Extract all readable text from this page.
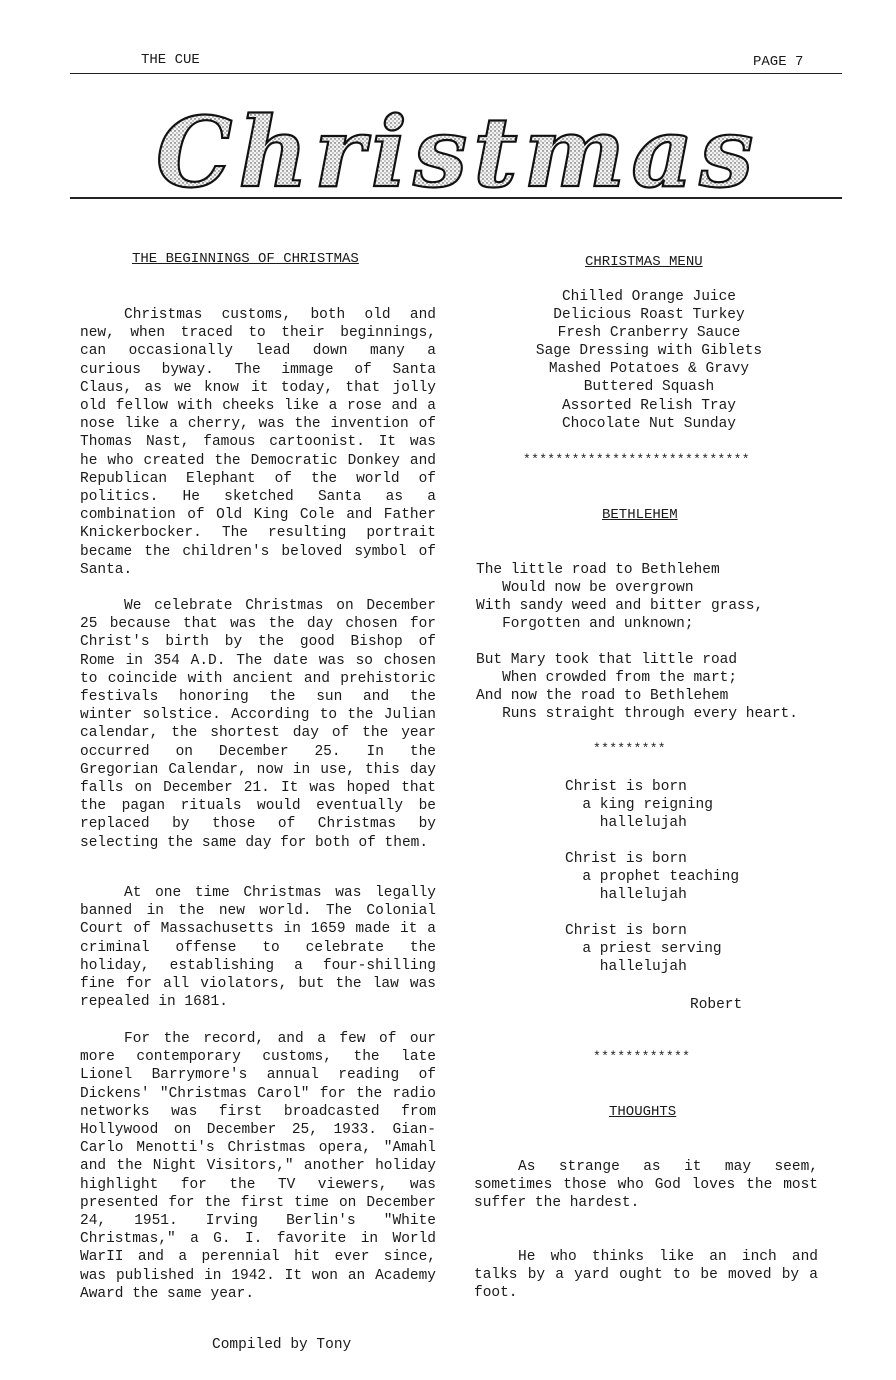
THE CUE	PAGE 7
Christmas
THE BEGINNINGS OF CHRISTMAS

Christmas customs, both old and new, when traced to their beginnings, can occasionally lead down many a curious byway. The immage of Santa Claus, as we know it today, that jolly old fellow with cheeks like a rose and a nose like a cherry, was the invention of Thomas Nast, famous cartoonist. It was he who created the Democratic Donkey and Republican Elephant of the world of politics. He sketched Santa as a combination of Old King Cole and Father Knickerbocker. The resulting portrait became the children's beloved symbol of Santa.

We celebrate Christmas on December 25 because that was the day chosen for Christ's birth by the good Bishop of Rome in 354 A.D. The date was so chosen to coincide with ancient and prehistoric festivals honoring the sun and the winter solstice. According to the Julian calendar, the shortest day of the year occurred on December 25. In the Gregorian Calendar, now in use, this day falls on December 21. It was hoped that the pagan rituals would eventually be replaced by those of Christmas by selecting the same day for both of them.

At one time Christmas was legally banned in the new world. The Colonial Court of Massachusetts in 1659 made it a criminal offense to celebrate the holiday, establishing a four-shilling fine for all violators, but the law was repealed in 1681.

For the record, and a few of our more contemporary customs, the late Lionel Barrymore's annual reading of Dickens' "Christmas Carol" for the radio networks was first broadcasted from Hollywood on December 25, 1933. Gian-Carlo Menotti's Christmas opera, "Amahl and the Night Visitors," another holiday highlight for the TV viewers, was presented for the first time on December 24, 1951. Irving Berlin's "White Christmas," a G. I. favorite in World WarII and a perennial hit ever since, was published in 1942. It won an Academy Award the same year.

Compiled by Tony
CHRISTMAS MENU
Chilled Orange Juice
Delicious Roast Turkey
Fresh Cranberry Sauce
Sage Dressing with Giblets
Mashed Potatoes & Gravy
Buttered Squash
Assorted Relish Tray
Chocolate Nut Sunday
****************************
BETHLEHEM
The little road to Bethlehem
Would now be overgrown
With sandy weed and bitter grass,
Forgotten and unknown;
But Mary took that little road
When crowded from the mart;
And now the road to Bethlehem
Runs straight through every heart.
*********
Christ is born
a king reigning
hallelujah
Christ is born
a prophet teaching
hallelujah
Christ is born
a priest serving
hallelujah
Robert
************
THOUGHTS

As strange as it may seem, sometimes those who God loves the most suffer the hardest.

He who thinks like an inch and talks by a yard ought to be moved by a foot.
